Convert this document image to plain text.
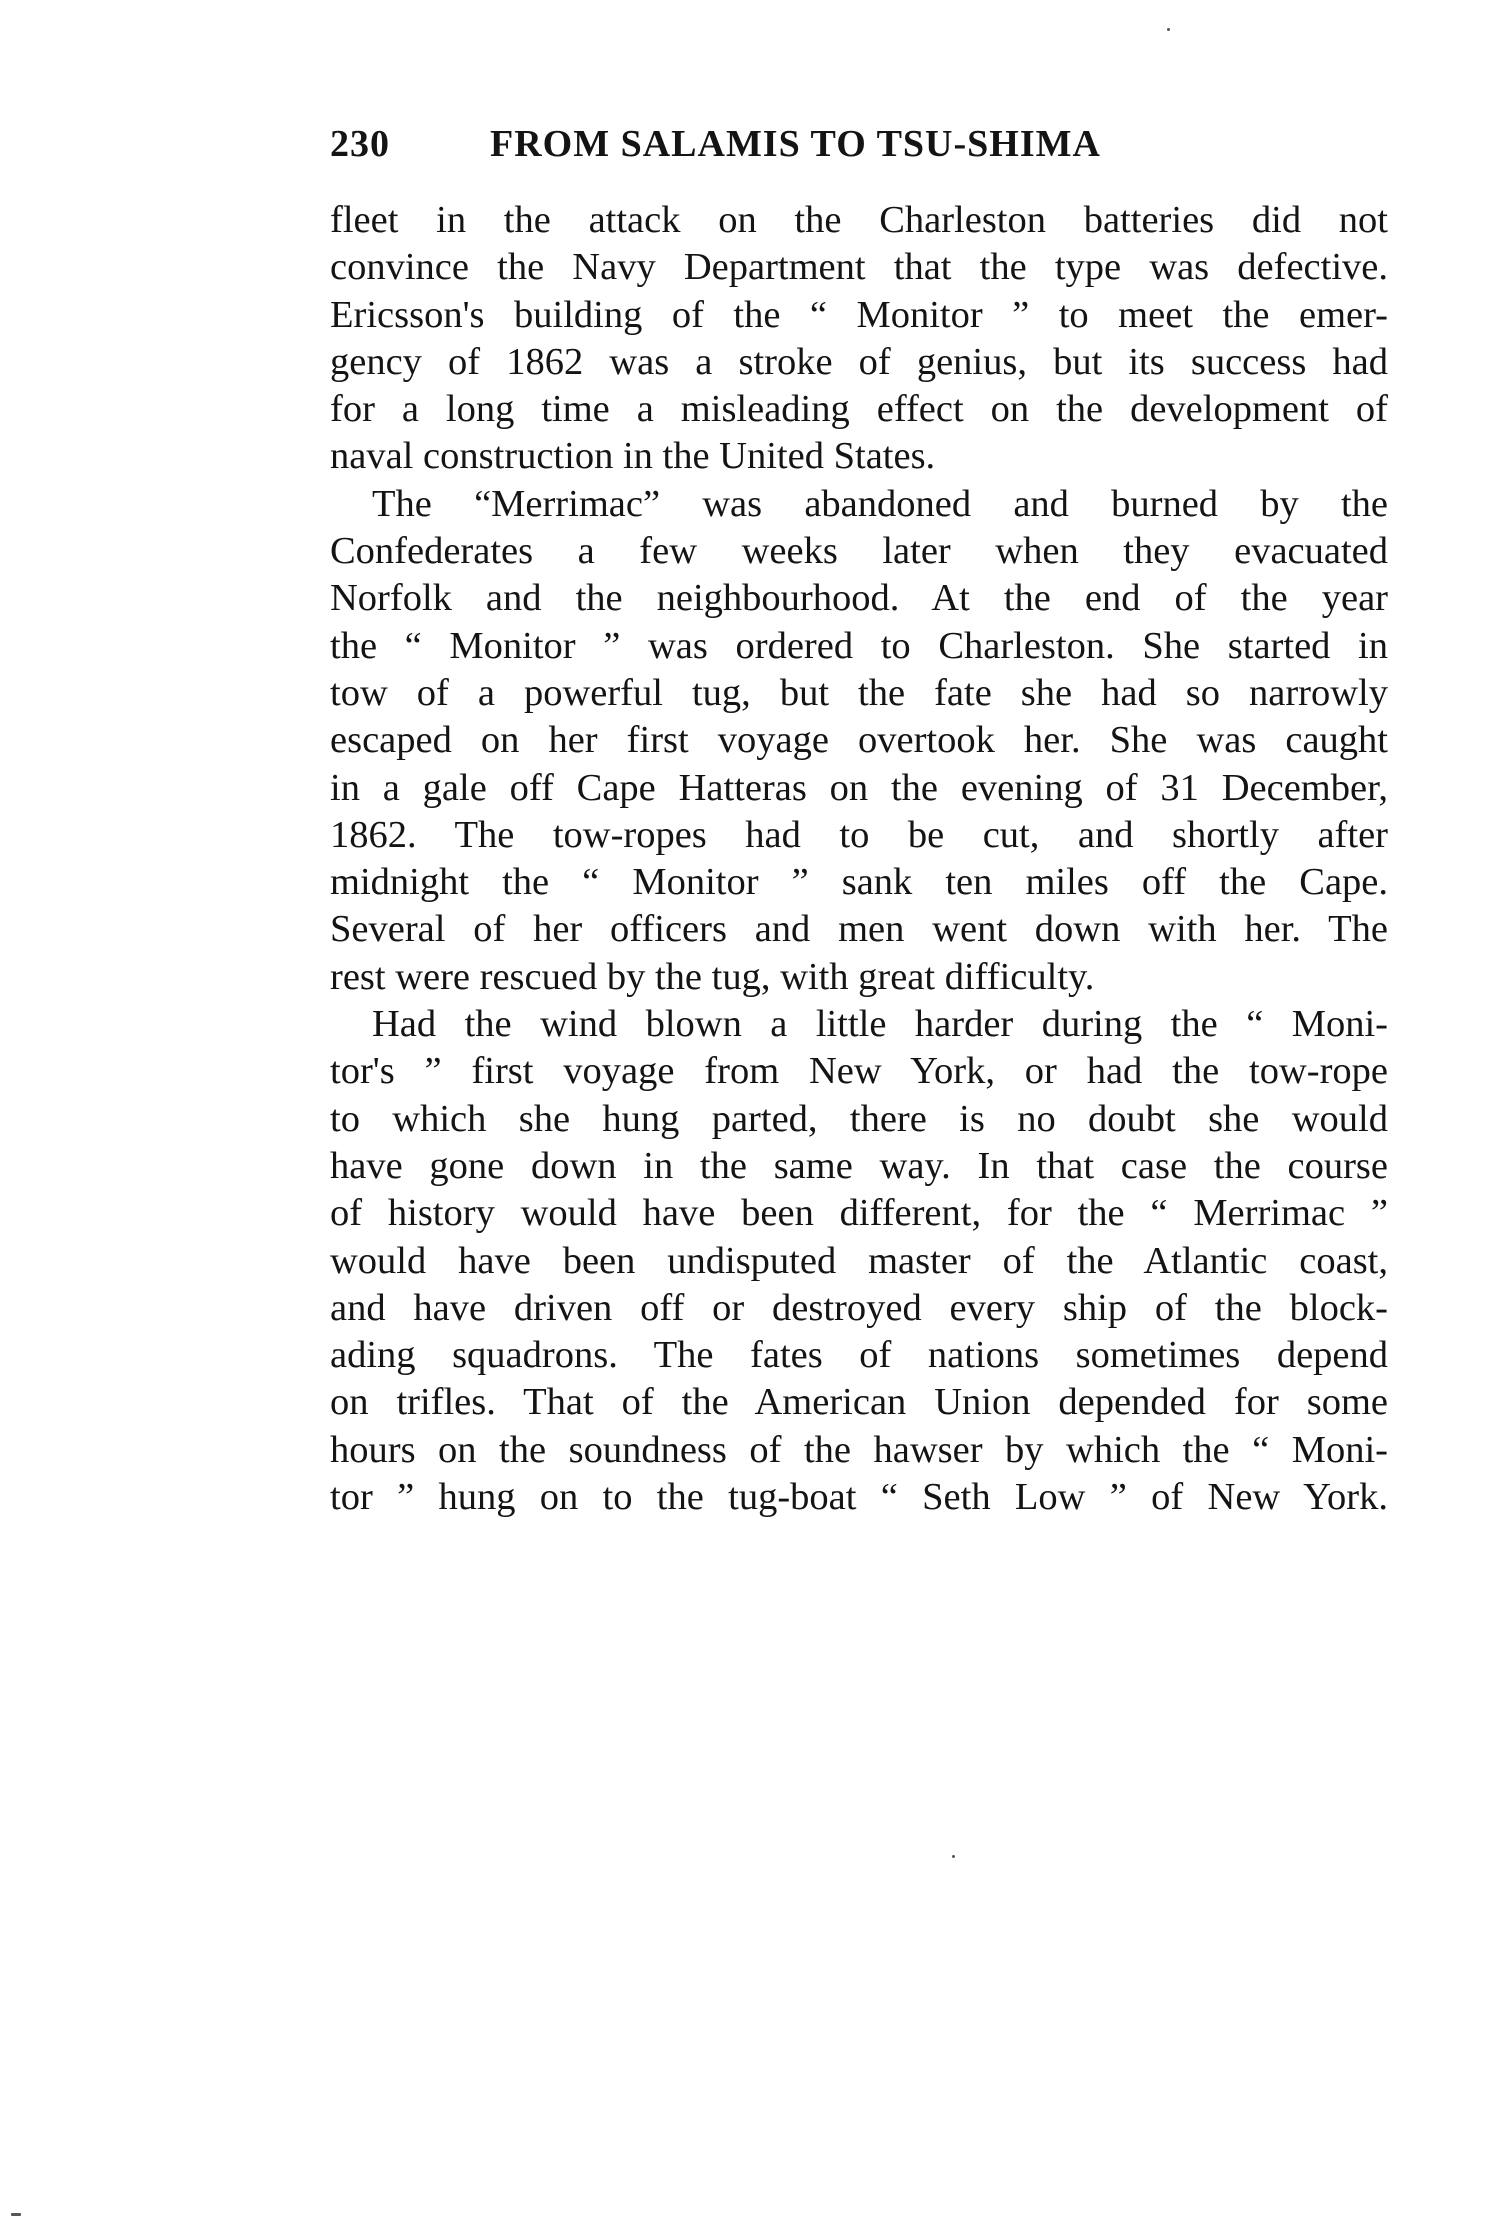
230	FROM SALAMIS TO TSU-SHIMA
fleet in the attack on the Charleston batteries did not
convince the Navy Department that the type was defective.
Ericsson's building of the “ Monitor ” to meet the emer-
gency of 1862 was a stroke of genius, but its success had
for a long time a misleading effect on the development of
naval construction in the United States.
The “Merrimac” was abandoned and burned by the
Confederates a few weeks later when they evacuated
Norfolk and the neighbourhood. At the end of the year
the “ Monitor ” was ordered to Charleston. She started in
tow of a powerful tug, but the fate she had so narrowly
escaped on her first voyage overtook her. She was caught
in a gale off Cape Hatteras on the evening of 31 December,
1862. The tow-ropes had to be cut, and shortly after
midnight the “ Monitor ” sank ten miles off the Cape.
Several of her officers and men went down with her. The
rest were rescued by the tug, with great difficulty.
Had the wind blown a little harder during the “ Moni-
tor's ” first voyage from New York, or had the tow-rope
to which she hung parted, there is no doubt she would
have gone down in the same way. In that case the course
of history would have been different, for the “ Merrimac ”
would have been undisputed master of the Atlantic coast,
and have driven off or destroyed every ship of the block-
ading squadrons. The fates of nations sometimes depend
on trifles. That of the American Union depended for some
hours on the soundness of the hawser by which the “ Moni-
tor ” hung on to the tug-boat “ Seth Low ” of New York.
